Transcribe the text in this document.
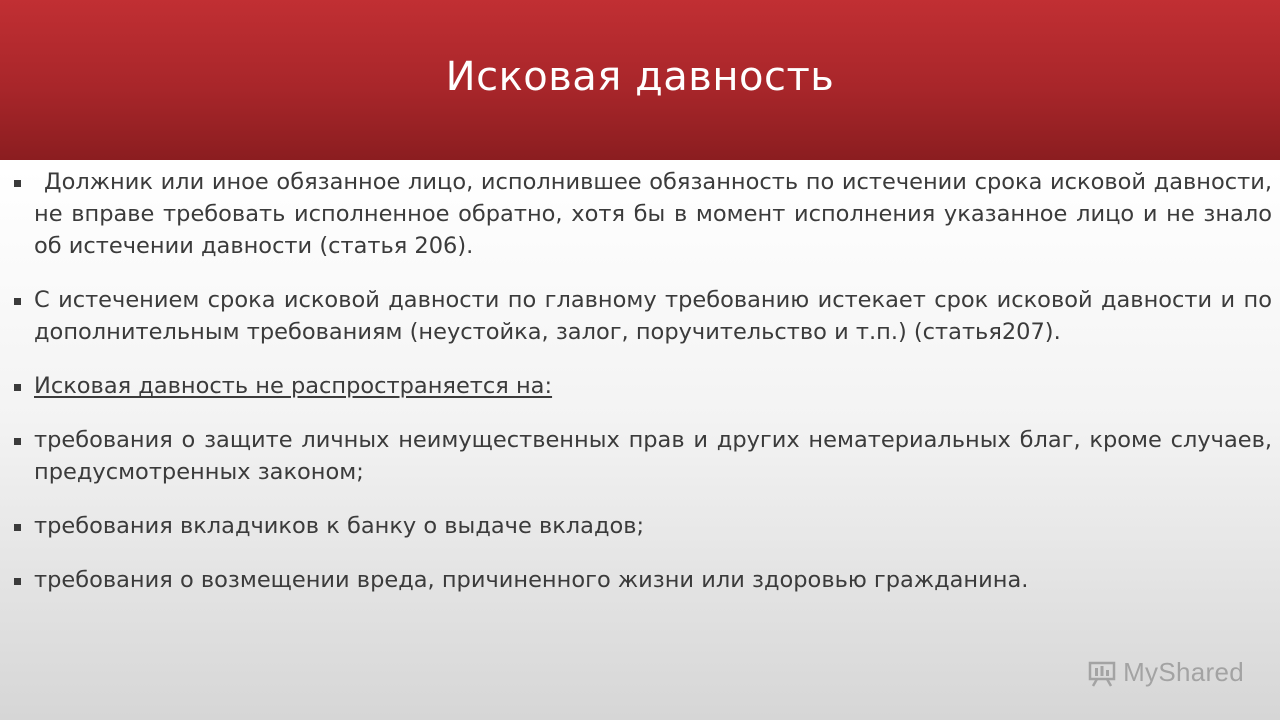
Исковая давность
Должник или иное обязанное лицо, исполнившее обязанность по истечении срока исковой давности, не вправе требовать исполненное обратно, хотя бы в момент исполнения указанное лицо и не знало об истечении давности (статья 206).
С истечением срока исковой давности по главному требованию истекает срок исковой давности и по дополнительным требованиям (неустойка, залог, поручительство и т.п.) (статья207).
Исковая давность не распространяется на:
требования о защите личных неимущественных прав и других нематериальных благ, кроме случаев, предусмотренных законом;
требования вкладчиков к банку о выдаче вкладов;
требования о возмещении вреда, причиненного жизни или здоровью гражданина.
MyShared
